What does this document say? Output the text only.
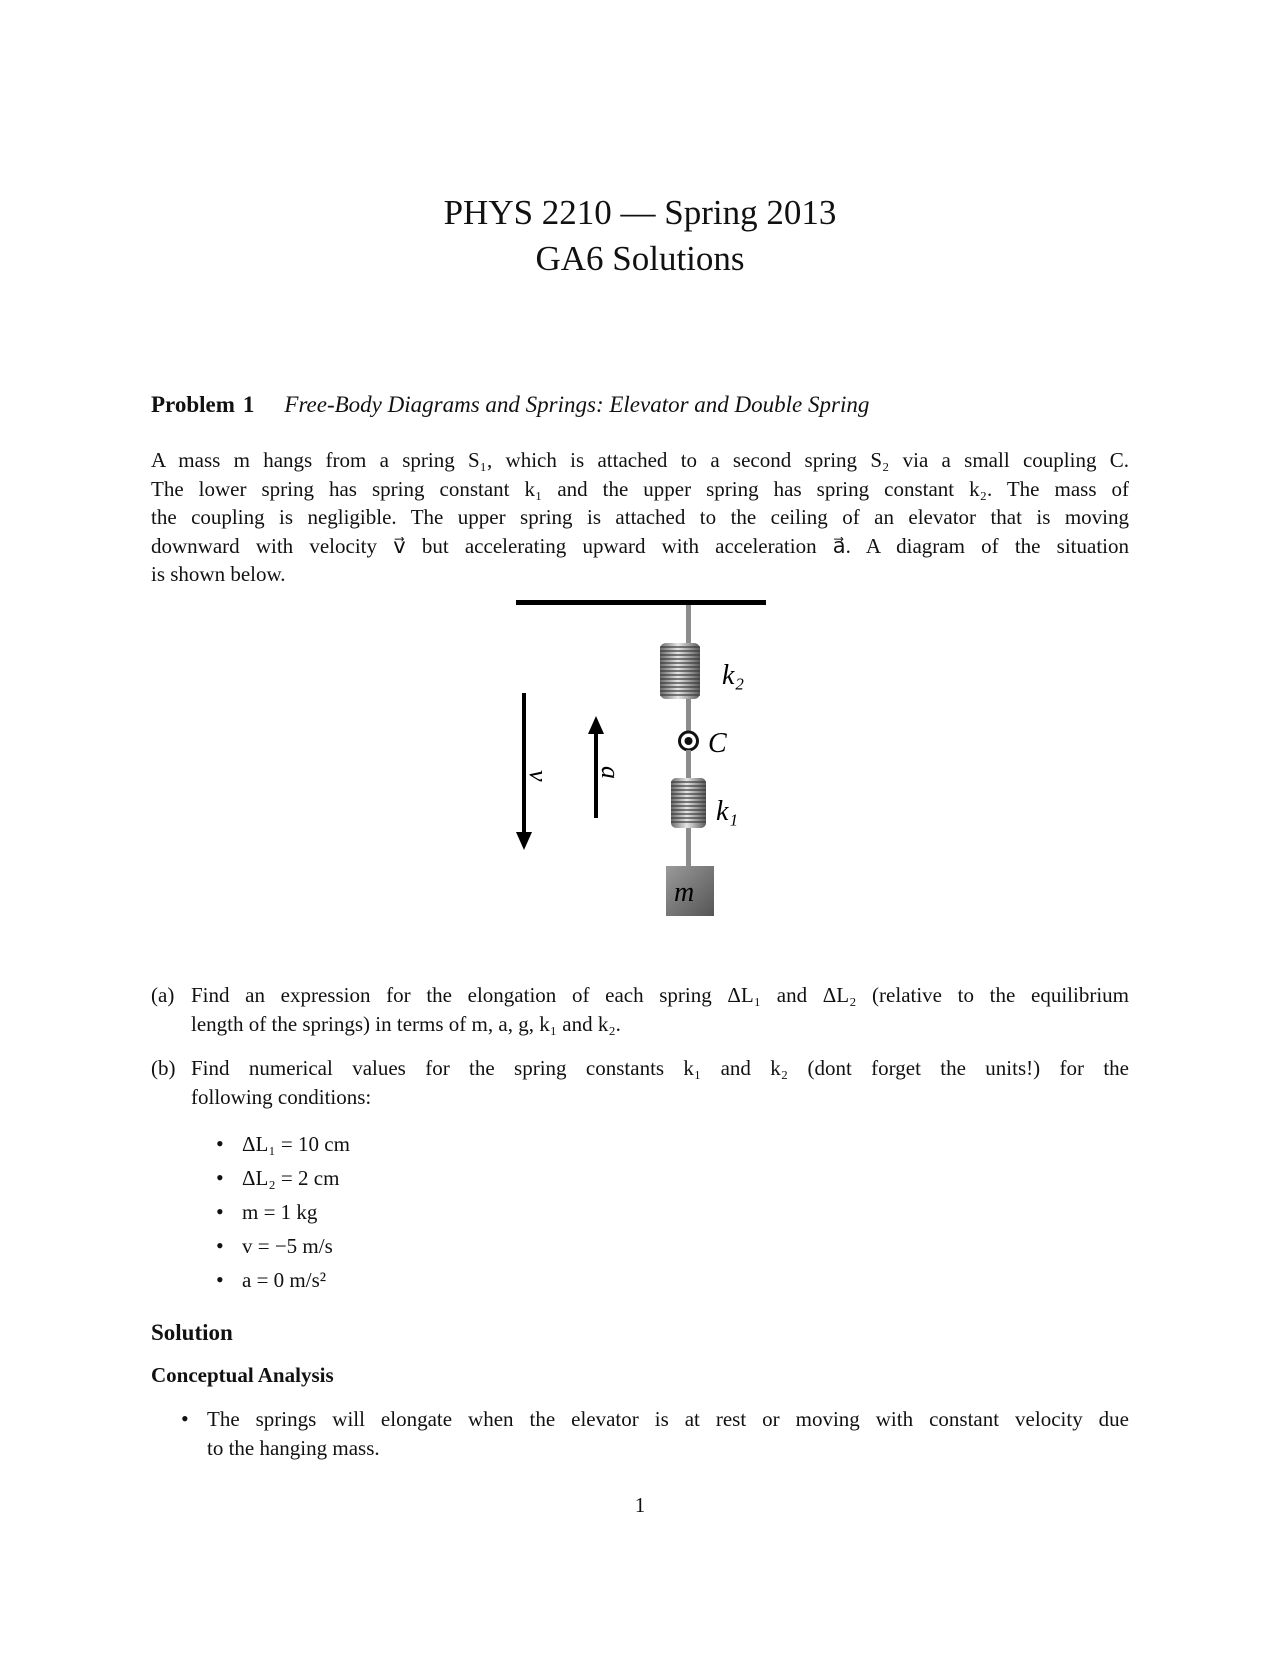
PHYS 2210 — Spring 2013
GA6 Solutions
Problem 1 Free-Body Diagrams and Springs: Elevator and Double Spring
A mass m hangs from a spring S₁, which is attached to a second spring S₂ via a small coupling C.
The lower spring has spring constant k₁ and the upper spring has spring constant k₂. The mass of
the coupling is negligible. The upper spring is attached to the ceiling of an elevator that is moving
downward with velocity v⃗ but accelerating upward with acceleration a⃗. A diagram of the situation
is shown below.
k₂
C
k₁
m
v⃗ a⃗
(a) Find an expression for the elongation of each spring ΔL₁ and ΔL₂ (relative to the equilibrium
length of the springs) in terms of m, a, g, k₁ and k₂.
(b) Find numerical values for the spring constants k₁ and k₂ (dont forget the units!) for the
following conditions:
• ΔL₁ = 10 cm
• ΔL₂ = 2 cm
• m = 1 kg
• v = −5 m/s
• a = 0 m/s²
Solution
Conceptual Analysis
• The springs will elongate when the elevator is at rest or moving with constant velocity due
to the hanging mass.
1
